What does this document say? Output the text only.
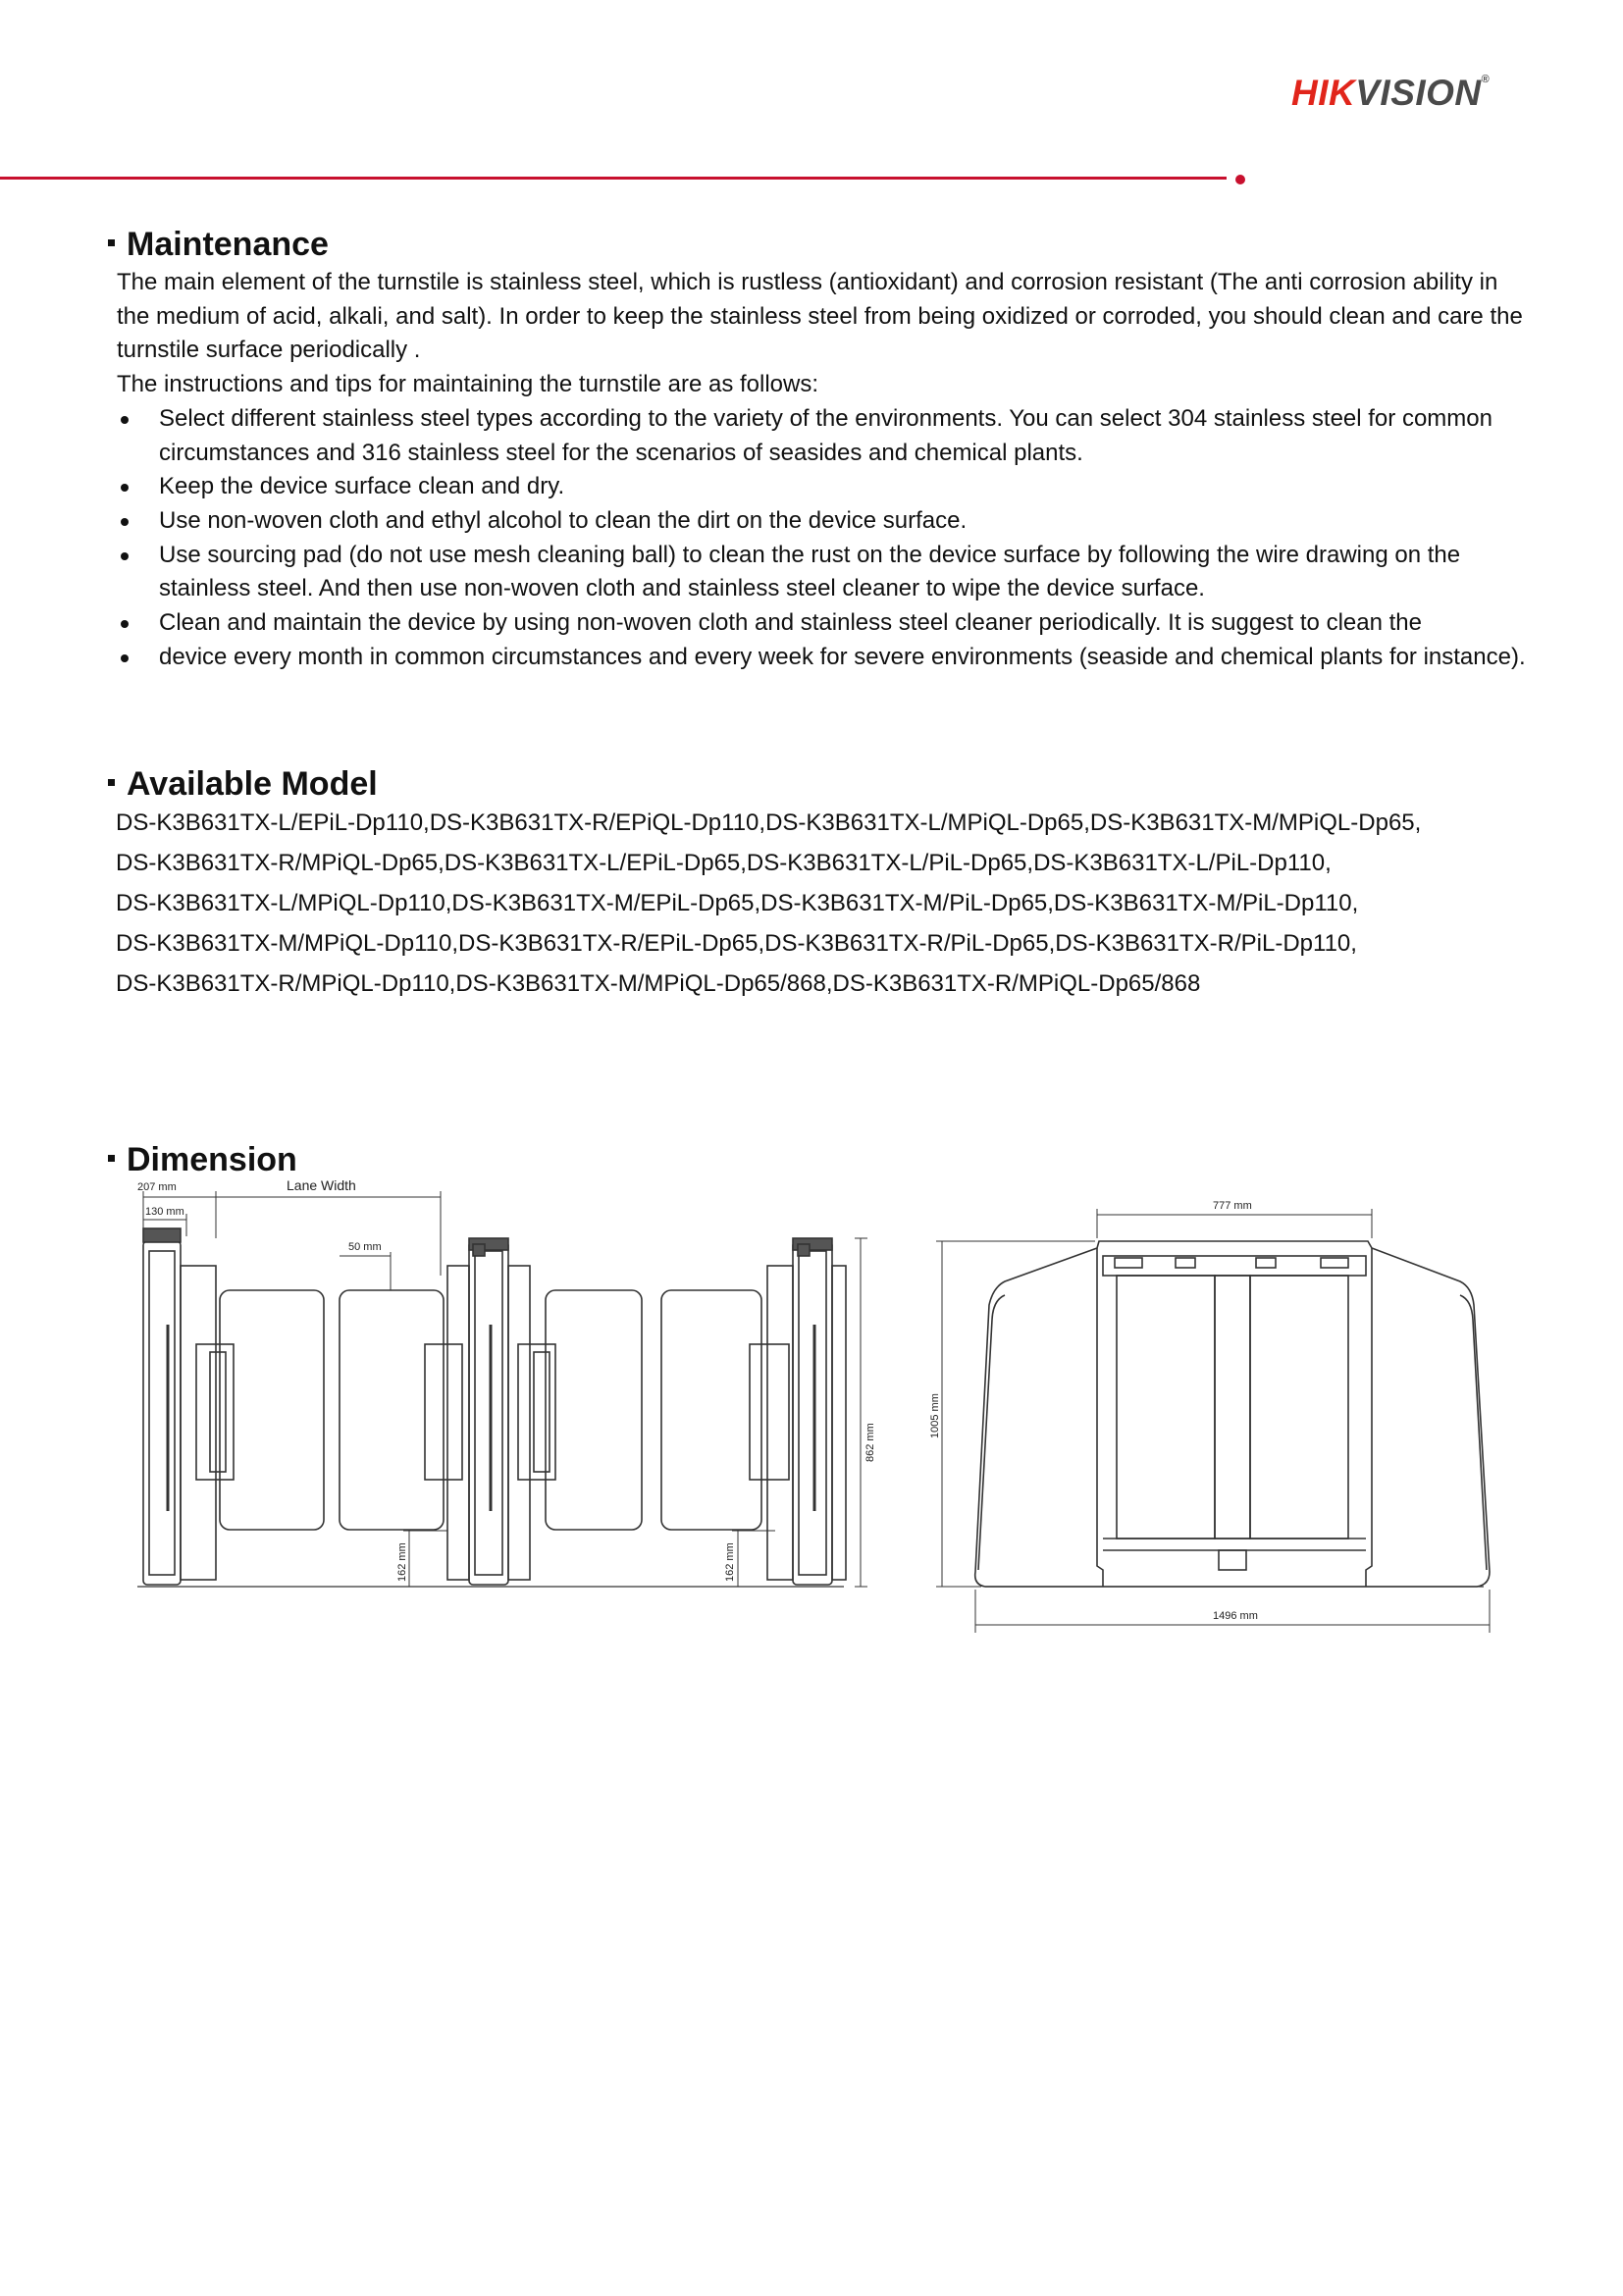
HIKVISION®
Maintenance

The main element of the turnstile is stainless steel, which is rustless (antioxidant) and corrosion resistant (The anti corrosion ability in the medium of acid, alkali, and salt). In order to keep the stainless steel from being oxidized or corroded, you should clean and care the turnstile surface periodically .

The instructions and tips for maintaining the turnstile are as follows:

Select different stainless steel types according to the variety of the environments. You can select 304 stainless steel for common circumstances and 316 stainless steel for the scenarios of seasides and chemical plants.
Keep the device surface clean and dry.
Use non-woven cloth and ethyl alcohol to clean the dirt on the device surface.
Use sourcing pad (do not use mesh cleaning ball) to clean the rust on the device surface by following the wire drawing on the stainless steel. And then use non-woven cloth and stainless steel cleaner to wipe the device surface.
Clean and maintain the device by using non-woven cloth and stainless steel cleaner periodically. It is suggest to clean the
device every month in common circumstances and every week for severe environments (seaside and chemical plants for instance).
Available Model
DS-K3B631TX-L/EPiL-Dp110,DS-K3B631TX-R/EPiQL-Dp110,DS-K3B631TX-L/MPiQL-Dp65,DS-K3B631TX-M/MPiQL-Dp65,
DS-K3B631TX-R/MPiQL-Dp65,DS-K3B631TX-L/EPiL-Dp65,DS-K3B631TX-L/PiL-Dp65,DS-K3B631TX-L/PiL-Dp110,
DS-K3B631TX-L/MPiQL-Dp110,DS-K3B631TX-M/EPiL-Dp65,DS-K3B631TX-M/PiL-Dp65,DS-K3B631TX-M/PiL-Dp110,
DS-K3B631TX-M/MPiQL-Dp110,DS-K3B631TX-R/EPiL-Dp65,DS-K3B631TX-R/PiL-Dp65,DS-K3B631TX-R/PiL-Dp110,
DS-K3B631TX-R/MPiQL-Dp110,DS-K3B631TX-M/MPiQL-Dp65/868,DS-K3B631TX-R/MPiQL-Dp65/868
Dimension
207 mm	Lane Width
130 mm
50 mm
862 mm
162 mm	162 mm
1005 mm
777 mm
1496 mm
